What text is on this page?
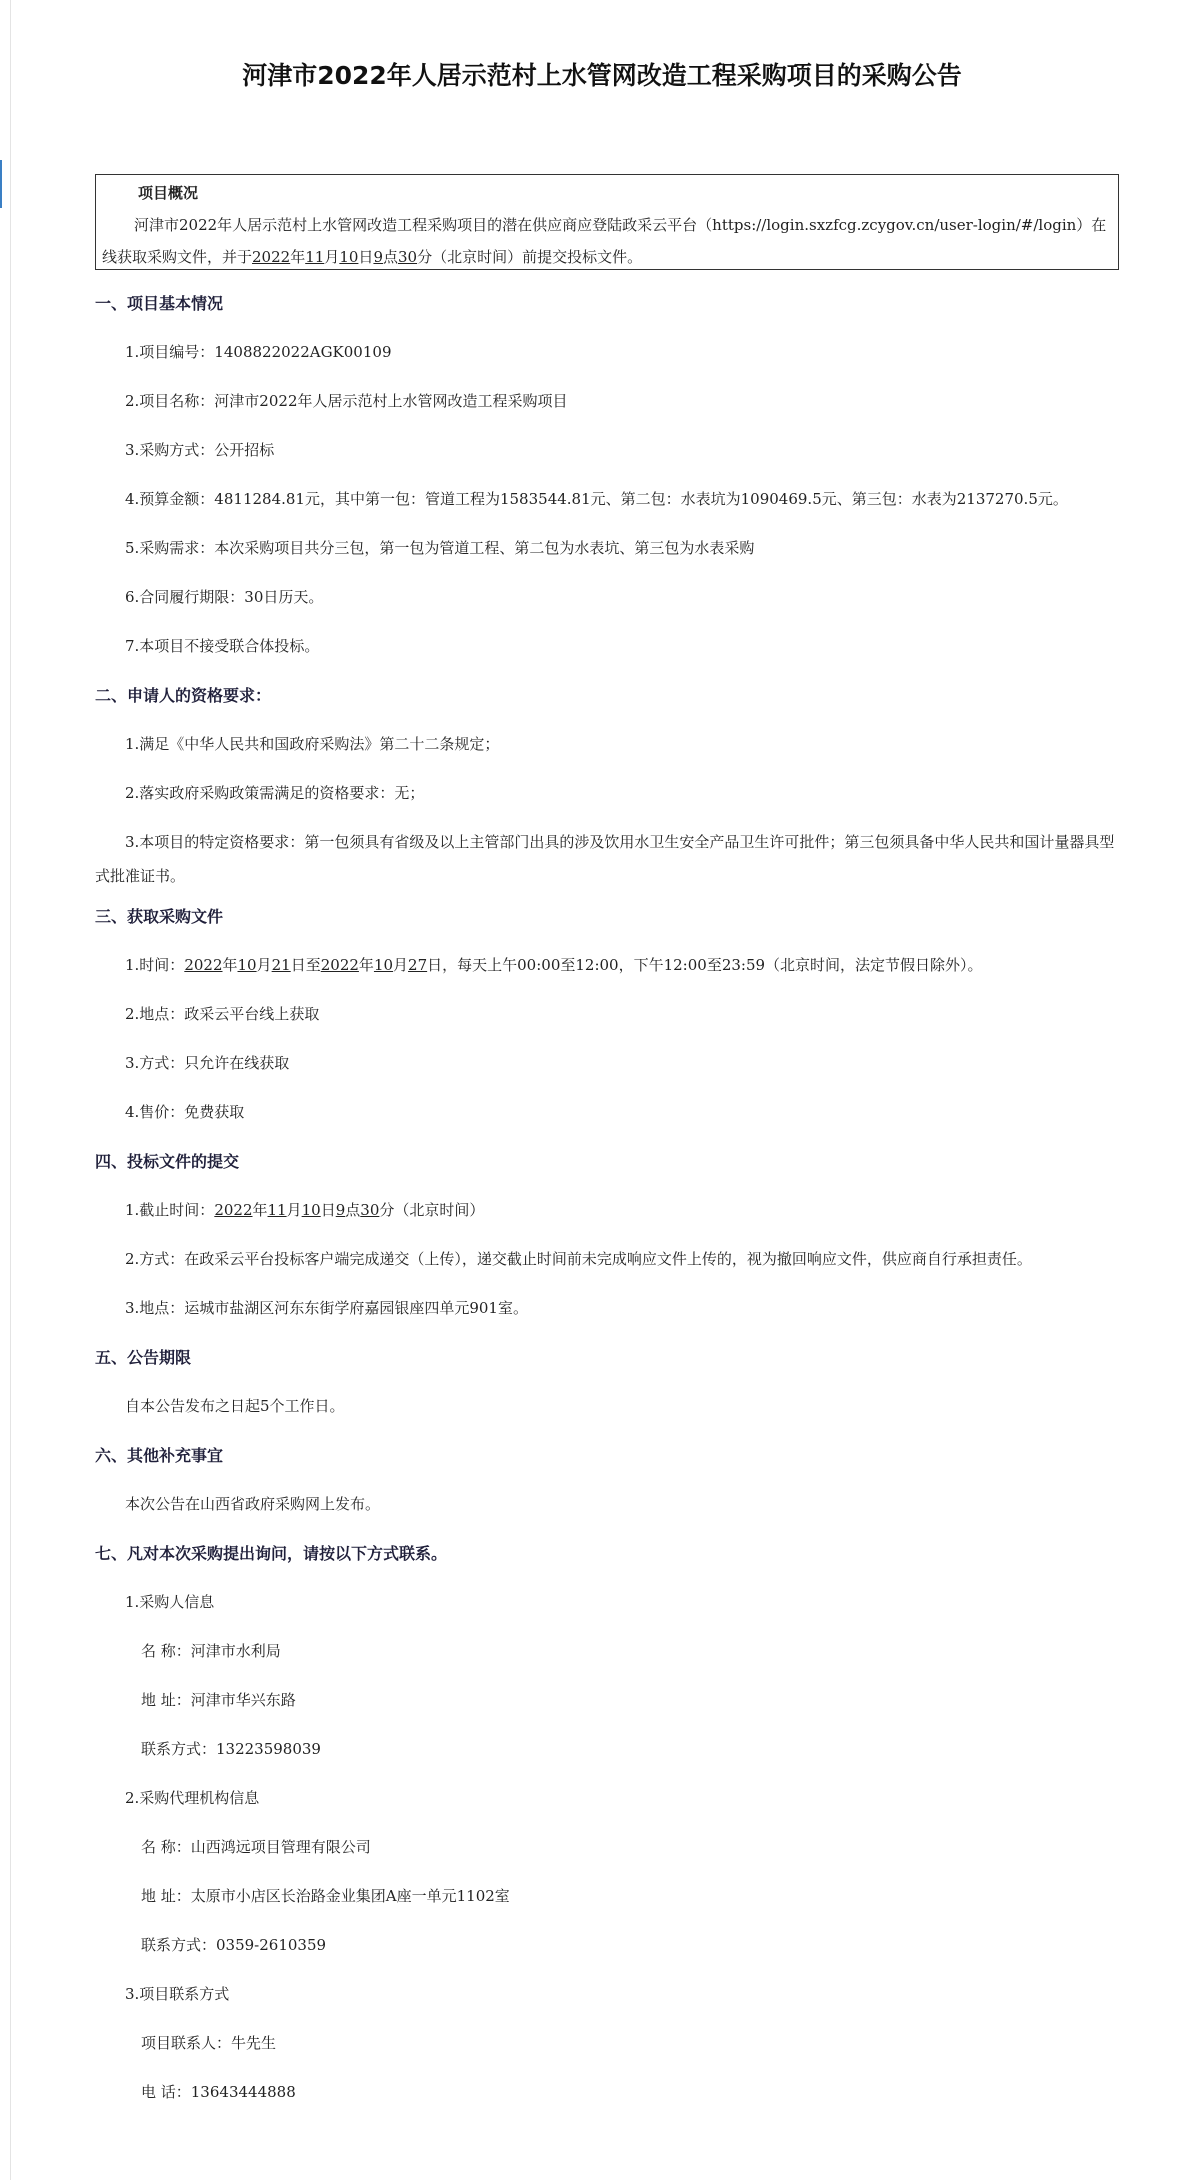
河津市2022年人居示范村上水管网改造工程采购项目的采购公告
项目概况
河津市2022年人居示范村上水管网改造工程采购项目的潜在供应商应登陆政采云平台（https://login.sxzfcg.zcygov.cn/user-login/#/login）在线获取采购文件，并于2022年11月10日9点30分（北京时间）前提交投标文件。

一、项目基本情况

1.项目编号：1408822022AGK00109

2.项目名称：河津市2022年人居示范村上水管网改造工程采购项目

3.采购方式：公开招标

4.预算金额：4811284.81元，其中第一包：管道工程为1583544.81元、第二包：水表坑为1090469.5元、第三包：水表为2137270.5元。

5.采购需求：本次采购项目共分三包，第一包为管道工程、第二包为水表坑、第三包为水表采购

6.合同履行期限：30日历天。

7.本项目不接受联合体投标。

二、申请人的资格要求：

1.满足《中华人民共和国政府采购法》第二十二条规定；

2.落实政府采购政策需满足的资格要求：无；

3.本项目的特定资格要求：第一包须具有省级及以上主管部门出具的涉及饮用水卫生安全产品卫生许可批件；第三包须具备中华人民共和国计量器具型式批准证书。

三、获取采购文件

1.时间：2022年10月21日至2022年10月27日，每天上午00:00至12:00，下午12:00至23:59（北京时间，法定节假日除外）。

2.地点：政采云平台线上获取

3.方式：只允许在线获取

4.售价：免费获取

四、投标文件的提交

1.截止时间：2022年11月10日9点30分（北京时间）

2.方式：在政采云平台投标客户端完成递交（上传），递交截止时间前未完成响应文件上传的，视为撤回响应文件，供应商自行承担责任。

3.地点：运城市盐湖区河东东街学府嘉园银座四单元901室。

五、公告期限

自本公告发布之日起5个工作日。

六、其他补充事宜

本次公告在山西省政府采购网上发布。

七、凡对本次采购提出询问，请按以下方式联系。

1.采购人信息

名 称：河津市水利局

地 址：河津市华兴东路

联系方式：13223598039

2.采购代理机构信息

名 称：山西鸿远项目管理有限公司

地 址：太原市小店区长治路金业集团A座一单元1102室

联系方式：0359-2610359

3.项目联系方式

项目联系人：牛先生

电 话：13643444888
